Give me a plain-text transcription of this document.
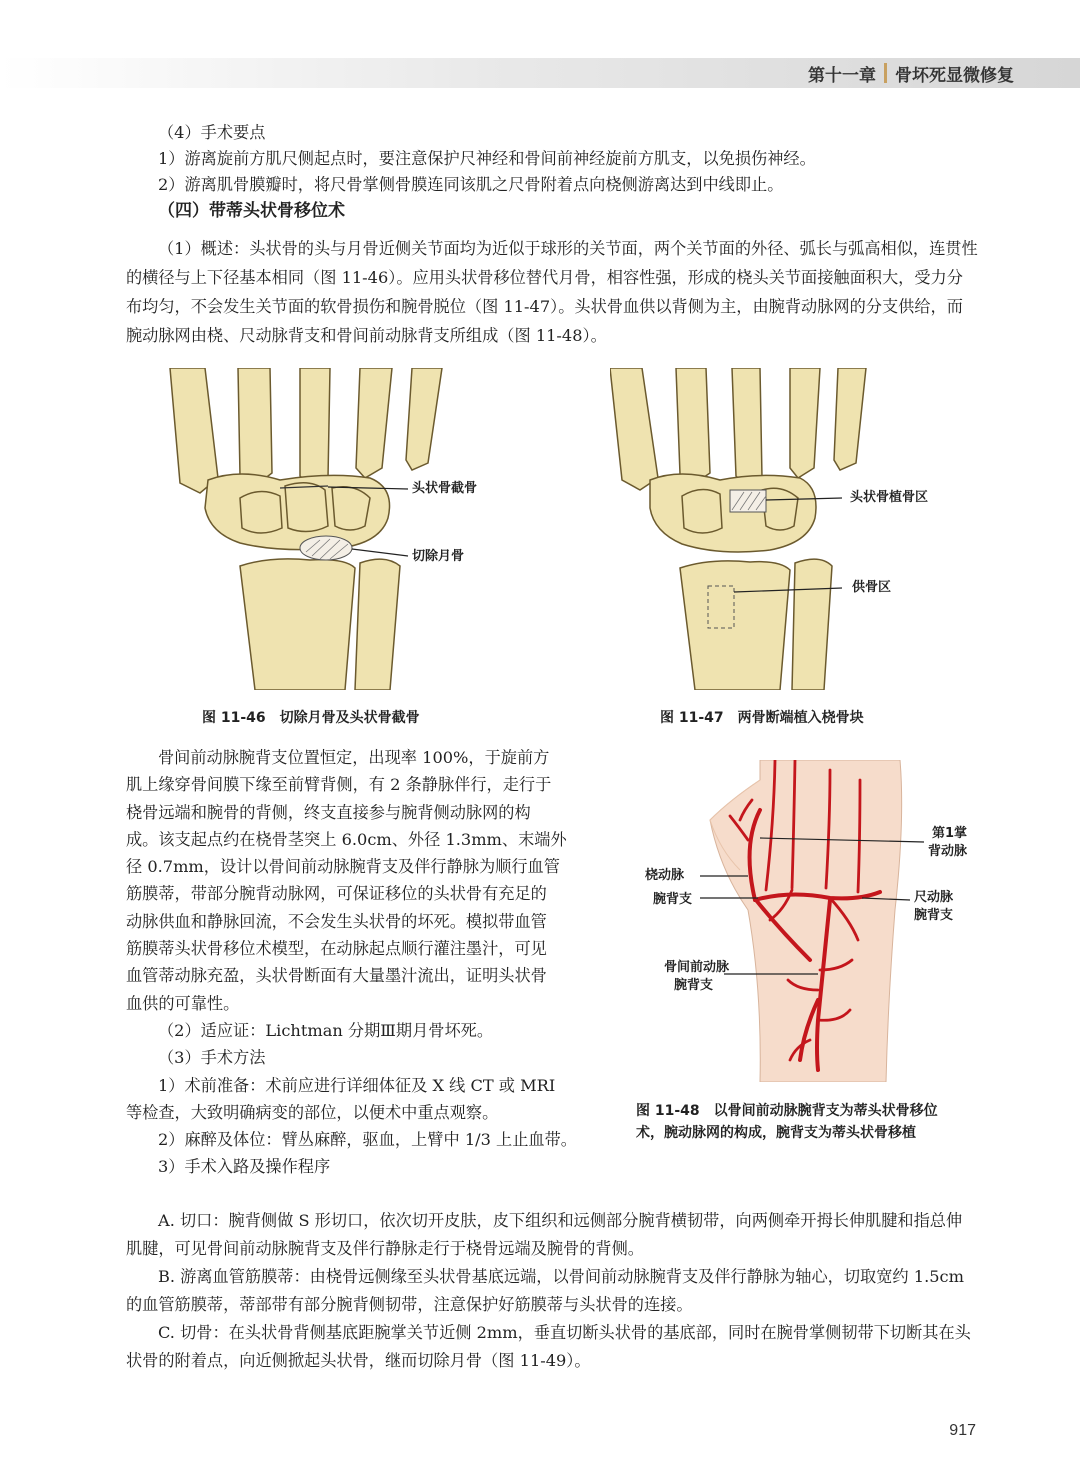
第十一章 骨坏死显微修复

（4）手术要点

1）游离旋前方肌尺侧起点时，要注意保护尺神经和骨间前神经旋前方肌支，以免损伤神经。

2）游离肌骨膜瓣时，将尺骨掌侧骨膜连同该肌之尺骨附着点向桡侧游离达到中线即止。

（四）带蒂头状骨移位术

（1）概述：头状骨的头与月骨近侧关节面均为近似于球形的关节面，两个关节面的外径、弧长与弧高相似，连贯性的横径与上下径基本相同（图 11-46）。应用头状骨移位替代月骨，相容性强，形成的桡头关节面接触面积大，受力分布均匀，不会发生关节面的软骨损伤和腕骨脱位（图 11-47）。头状骨血供以背侧为主，由腕背动脉网的分支供给，而腕动脉网由桡、尺动脉背支和骨间前动脉背支所组成（图 11-48）。

头状骨截骨
切除月骨
图 11-46　切除月骨及头状骨截骨
头状骨植骨区
供骨区
图 11-47　两骨断端植入桡骨块

骨间前动脉腕背支位置恒定，出现率 100%，于旋前方

肌上缘穿骨间膜下缘至前臂背侧，有 2 条静脉伴行，走行于

桡骨远端和腕骨的背侧，终支直接参与腕背侧动脉网的构

成。该支起点约在桡骨茎突上 6.0cm、外径 1.3mm、末端外

径 0.7mm，设计以骨间前动脉腕背支及伴行静脉为顺行血管

筋膜蒂，带部分腕背动脉网，可保证移位的头状骨有充足的

动脉供血和静脉回流，不会发生头状骨的坏死。模拟带血管

筋膜蒂头状骨移位术模型，在动脉起点顺行灌注墨汁，可见

血管蒂动脉充盈，头状骨断面有大量墨汁流出，证明头状骨

血供的可靠性。

（2）适应证：Lichtman 分期Ⅲ期月骨坏死。

（3）手术方法

1）术前准备：术前应进行详细体征及 X 线 CT 或 MRI

等检查，大致明确病变的部位，以便术中重点观察。

2）麻醉及体位：臂丛麻醉，驱血，上臂中 1/3 上止血带。

3）手术入路及操作程序

第1掌
背动脉
桡动脉
腕背支	尺动脉
腕背支
骨间前动脉
腕背支
图 11-48　以骨间前动脉腕背支为蒂头状骨移位
术，腕动脉网的构成，腕背支为蒂头状骨移植

A. 切口：腕背侧做 S 形切口，依次切开皮肤，皮下组织和远侧部分腕背横韧带，向两侧牵开拇长伸肌腱和指总伸肌腱，可见骨间前动脉腕背支及伴行静脉走行于桡骨远端及腕骨的背侧。

B. 游离血管筋膜蒂：由桡骨远侧缘至头状骨基底远端，以骨间前动脉腕背支及伴行静脉为轴心，切取宽约 1.5cm 的血管筋膜蒂，蒂部带有部分腕背侧韧带，注意保护好筋膜蒂与头状骨的连接。

C. 切骨：在头状骨背侧基底距腕掌关节近侧 2mm，垂直切断头状骨的基底部，同时在腕骨掌侧韧带下切断其在头状骨的附着点，向近侧掀起头状骨，继而切除月骨（图 11-49）。

917
